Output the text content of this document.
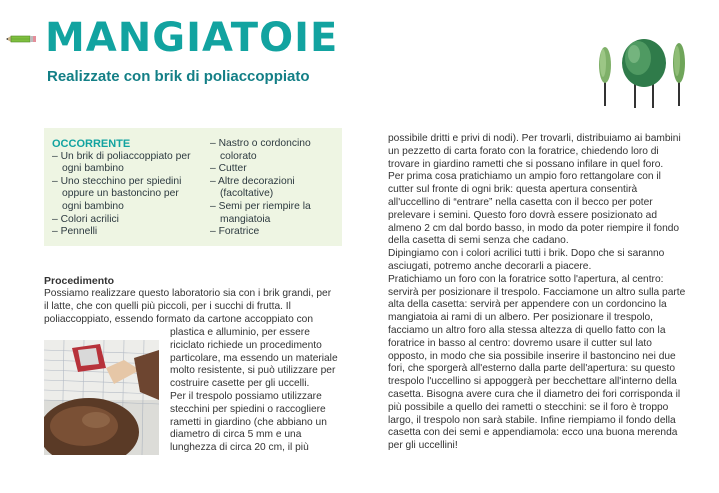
MANGIATOIE
Realizzate con brik di poliaccoppiato
OCCORRENTE
– Un brik di poliaccoppiato per ogni bambino
– Uno stecchino per spiedini oppure un bastoncino per ogni bambino
– Colori acrilici
– Pennelli
– Nastro o cordoncino colorato
– Cutter
– Altre decorazioni (facoltative)
– Semi per riempire la mangiatoia
– Foratrice
Procedimento
Possiamo realizzare questo laboratorio sia con i brik grandi, per il latte, che con quelli più piccoli, per i succhi di frutta. Il poliaccoppiato, essendo formato da cartone accoppiato con
plastica e alluminio, per essere riciclato richiede un procedimento particolare, ma essendo un materiale molto resistente, si può utilizzare per costruire casette per gli uccelli.
Per il trespolo possiamo utilizzare stecchini per spiedini o raccogliere rametti in giardino (che abbiano un diametro di circa 5 mm e una lunghezza di circa 20 cm, il più

possibile dritti e privi di nodi). Per trovarli, distribuiamo ai bambini un pezzetto di carta forato con la foratrice, chiedendo loro di trovare in giardino rametti che si possano infilare in quel foro.

Per prima cosa pratichiamo un ampio foro rettangolare con il cutter sul fronte di ogni brik: questa apertura consentirà all'uccellino di “entrare” nella casetta con il becco per poter prelevare i semini. Questo foro dovrà essere posizionato ad almeno 2 cm dal bordo basso, in modo da poter riempire il fondo della casetta di semi senza che cadano.

Dipingiamo con i colori acrilici tutti i brik. Dopo che si saranno asciugati, potremo anche decorarli a piacere.

Pratichiamo un foro con la foratrice sotto l'apertura, al centro: servirà per posizionare il trespolo. Facciamone un altro sulla parte alta della casetta: servirà per appendere con un cordoncino la mangiatoia ai rami di un albero. Per posizionare il trespolo, facciamo un altro foro alla stessa altezza di quello fatto con la foratrice in basso al centro: dovremo usare il cutter sul lato opposto, in modo che sia possibile inserire il bastoncino nei due fori, che sporgerà all'esterno dalla parte dell'apertura: su questo trespolo l'uccellino si appoggerà per becchettare all'interno della casetta. Bisogna avere cura che il diametro dei fori corrisponda il più possibile a quello dei rametti o stecchini: se il foro è troppo largo, il trespolo non sarà stabile. Infine riempiamo il fondo della casetta con dei semi e appendiamola: ecco una buona merenda per gli uccellini!
